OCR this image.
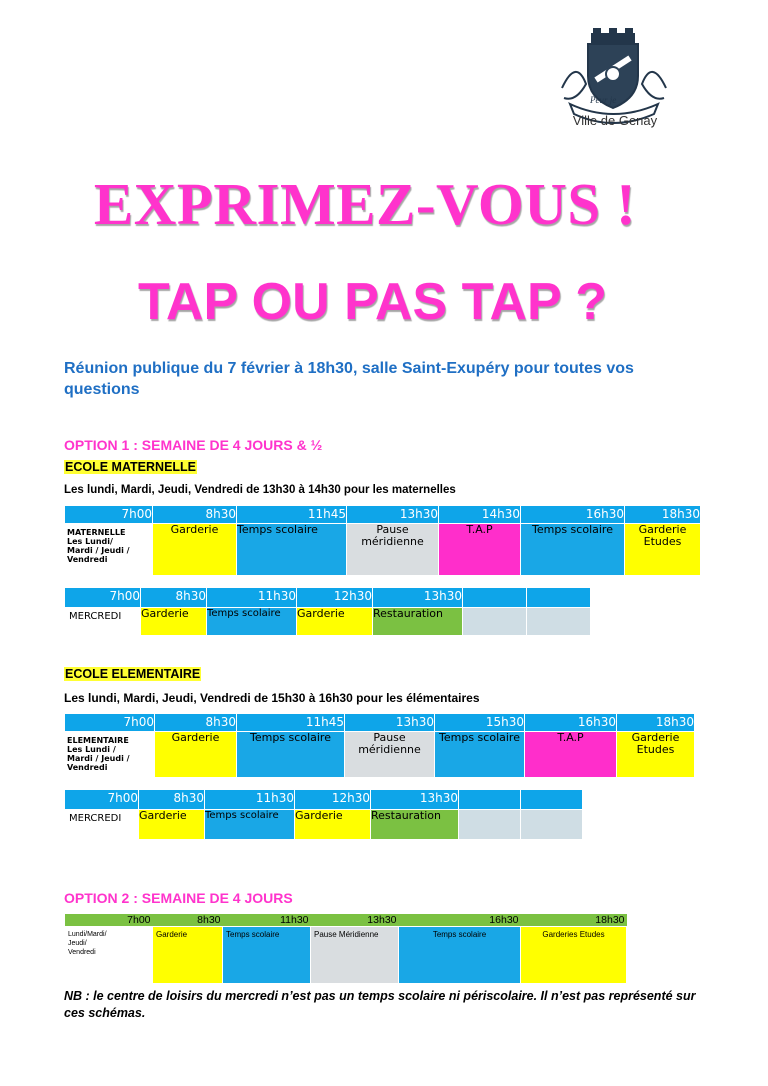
Peur je
Ville de Genay
EXPRIMEZ-VOUS !
TAP OU PAS TAP ?
Réunion publique du 7 février à 18h30, salle Saint-Exupéry pour toutes vos questions
OPTION 1 : SEMAINE DE 4 JOURS & ½
ECOLE MATERNELLE
Les lundi, Mardi, Jeudi, Vendredi de 13h30 à 14h30 pour les maternelles
7h00	8h30	11h45	13h30	14h30	16h30	18h30

MATERNELLE
Les Lundi/
Mardi / Jeudi /
Vendredi	Garderie	Temps scolaire	Pause méridienne	T.A.P	Temps scolaire	Garderie Etudes
7h00	8h30	11h30	12h30	13h30		
MERCREDI	Garderie	Temps scolaire	Garderie	Restauration		
ECOLE ELEMENTAIRE
Les lundi, Mardi, Jeudi, Vendredi de 15h30 à 16h30 pour les élémentaires
7h00	8h30	11h45	13h30	15h30	16h30	18h30

ELEMENTAIRE
Les Lundi /
Mardi / Jeudi /
Vendredi	Garderie	Temps scolaire	Pause méridienne	Temps scolaire	T.A.P	Garderie Etudes
7h00	8h30	11h30	12h30	13h30		
MERCREDI	Garderie	Temps scolaire	Garderie	Restauration		
OPTION 2 : SEMAINE DE 4 JOURS
7h00	8h30	11h30	13h30	16h30	18h30

Lundi/Mardi/
Jeudi/
Vendredi	Garderie	Temps scolaire	Pause Méridienne	Temps scolaire	Garderies Etudes
NB : le centre de loisirs du mercredi n’est pas un temps scolaire ni périscolaire. Il n’est pas représenté sur ces schémas.
